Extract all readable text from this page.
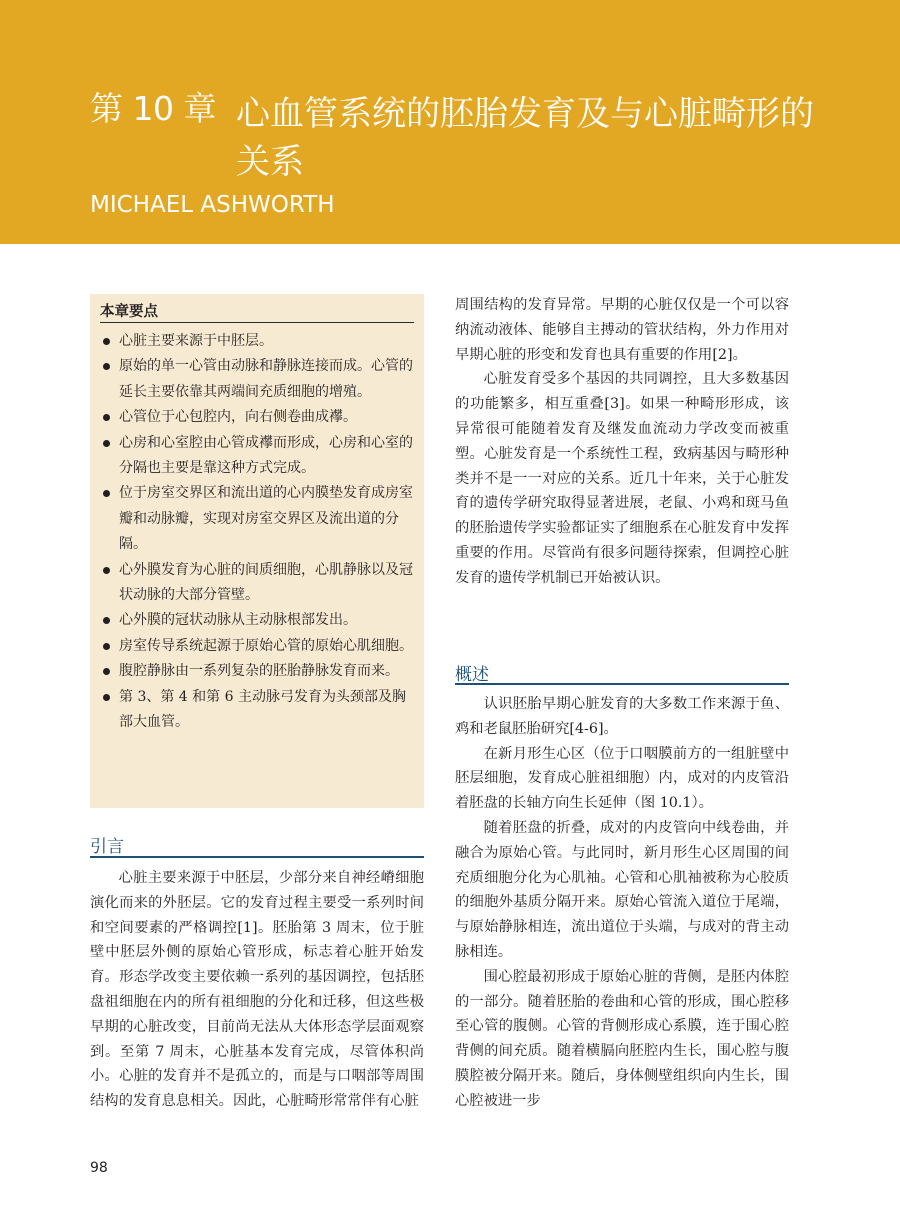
第 10 章 心血管系统的胚胎发育及与心脏畸形的关系
MICHAEL ASHWORTH
本章要点
心脏主要来源于中胚层。
原始的单一心管由动脉和静脉连接而成。心管的延长主要依靠其两端间充质细胞的增殖。
心管位于心包腔内，向右侧卷曲成襻。
心房和心室腔由心管成襻而形成，心房和心室的分隔也主要是靠这种方式完成。
位于房室交界区和流出道的心内膜垫发育成房室瓣和动脉瓣，实现对房室交界区及流出道的分隔。
心外膜发育为心脏的间质细胞，心肌静脉以及冠状动脉的大部分管壁。
心外膜的冠状动脉从主动脉根部发出。
房室传导系统起源于原始心管的原始心肌细胞。
腹腔静脉由一系列复杂的胚胎静脉发育而来。
第 3、第 4 和第 6 主动脉弓发育为头颈部及胸部大血管。
引言

心脏主要来源于中胚层，少部分来自神经嵴细胞演化而来的外胚层。它的发育过程主要受一系列时间和空间要素的严格调控[1]。胚胎第 3 周末，位于脏壁中胚层外侧的原始心管形成，标志着心脏开始发育。形态学改变主要依赖一系列的基因调控，包括胚盘祖细胞在内的所有祖细胞的分化和迁移，但这些极早期的心脏改变，目前尚无法从大体形态学层面观察到。至第 7 周末，心脏基本发育完成，尽管体积尚小。心脏的发育并不是孤立的，而是与口咽部等周围结构的发育息息相关。因此，心脏畸形常常伴有心脏

周围结构的发育异常。早期的心脏仅仅是一个可以容纳流动液体、能够自主搏动的管状结构，外力作用对早期心脏的形变和发育也具有重要的作用[2]。

心脏发育受多个基因的共同调控，且大多数基因的功能繁多，相互重叠[3]。如果一种畸形形成，该异常很可能随着发育及继发血流动力学改变而被重塑。心脏发育是一个系统性工程，致病基因与畸形种类并不是一一对应的关系。近几十年来，关于心脏发育的遗传学研究取得显著进展，老鼠、小鸡和斑马鱼的胚胎遗传学实验都证实了细胞系在心脏发育中发挥重要的作用。尽管尚有很多问题待探索，但调控心脏发育的遗传学机制已开始被认识。

概述

认识胚胎早期心脏发育的大多数工作来源于鱼、鸡和老鼠胚胎研究[4-6]。

在新月形生心区（位于口咽膜前方的一组脏壁中胚层细胞，发育成心脏祖细胞）内，成对的内皮管沿着胚盘的长轴方向生长延伸（图 10.1）。

随着胚盘的折叠，成对的内皮管向中线卷曲，并融合为原始心管。与此同时，新月形生心区周围的间充质细胞分化为心肌袖。心管和心肌袖被称为心胶质的细胞外基质分隔开来。原始心管流入道位于尾端，与原始静脉相连，流出道位于头端，与成对的背主动脉相连。

围心腔最初形成于原始心脏的背侧，是胚内体腔的一部分。随着胚胎的卷曲和心管的形成，围心腔移至心管的腹侧。心管的背侧形成心系膜，连于围心腔背侧的间充质。随着横膈向胚腔内生长，围心腔与腹膜腔被分隔开来。随后，身体侧壁组织向内生长，围心腔被进一步

98
